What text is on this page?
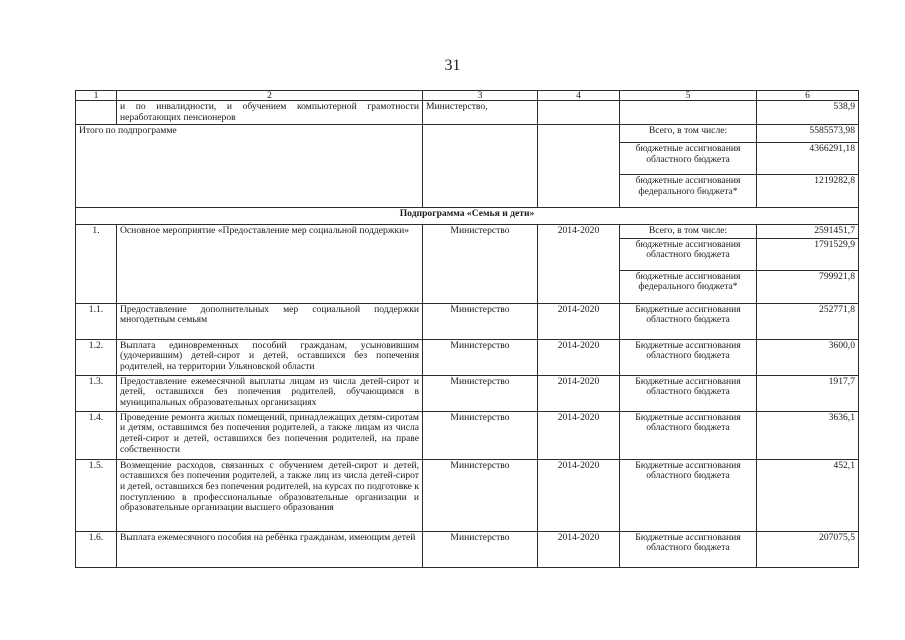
31
1	2	3	4	5	6
	и по инвалидности, и обучением компьютерной грамотности неработающих пенсионеров	Министерство,			538,9
Итого по подпрограмме				Всего, в том числе:	5585573,98
				бюджетные ассигнования областного бюджета	4366291,18
				бюджетные ассигнования федерального бюджета*	1219282,8
Подпрограмма «Семья и дети»					
1.	Основное мероприятие «Предоставление мер социальной поддержки»	Министерство	2014-2020	Всего, в том числе:	2591451,7
				бюджетные ассигнования областного бюджета	1791529,9
				бюджетные ассигнования федерального бюджета*	799921,8
1.1.	Предоставление дополнительных мер социальной поддержки многодетным семьям	Министерство	2014-2020	Бюджетные ассигнования областного бюджета	252771,8
1.2.	Выплата единовременных пособий гражданам, усыновившим (удочерившим) детей-сирот и детей, оставшихся без попечения родителей, на территории Ульяновской области	Министерство	2014-2020	Бюджетные ассигнования областного бюджета	3600,0
1.3.	Предоставление ежемесячной выплаты лицам из числа детей-сирот и детей, оставшихся без попечения родителей, обучающимся в муниципальных образовательных организациях	Министерство	2014-2020	Бюджетные ассигнования областного бюджета	1917,7
1.4.	Проведение ремонта жилых помещений, принадлежащих детям-сиротам и детям, оставшимся без попечения родителей, а также лицам из числа детей-сирот и детей, оставшихся без попечения родителей, на праве собственности	Министерство	2014-2020	Бюджетные ассигнования областного бюджета	3636,1
1.5.	Возмещение расходов, связанных с обучением детей-сирот и детей, оставшихся без попечения родителей, а также лиц из числа детей-сирот и детей, оставшихся без попечения родителей, на курсах по подготовке к поступлению в профессиональные образовательные организации и образовательные организации высшего образования	Министерство	2014-2020	Бюджетные ассигнования областного бюджета	452,1
1.6.	Выплата ежемесячного пособия на ребёнка гражданам, имеющим детей	Министерство	2014-2020	Бюджетные ассигнования областного бюджета	207075,5
